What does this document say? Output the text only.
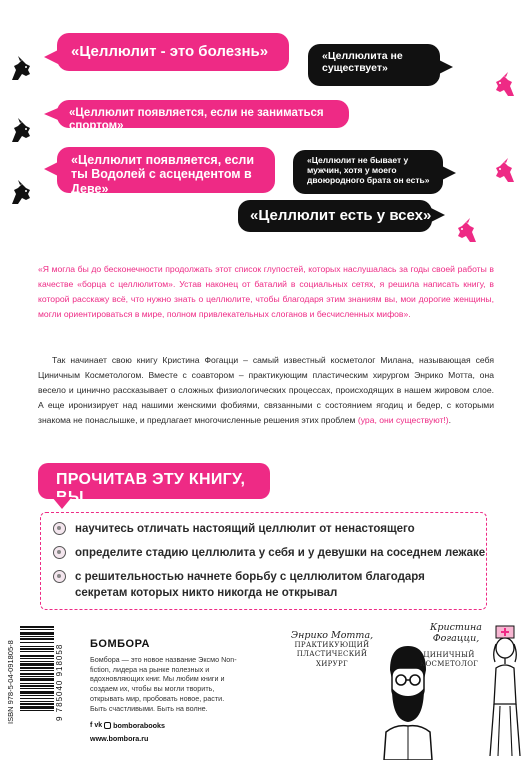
«Целлюлит - это болезнь»	«Целлюлита не существует»
«Целлюлит появляется, если не заниматься спортом»
«Целлюлит появляется, если ты Водолей с асцендентом в Деве»
«Целлюлит не бывает у мужчин, хотя у моего двоюродного брата он есть»
«Целлюлит есть у всех»

«Я могла бы до бесконечности продолжать этот список глупостей, которых наслушалась за годы своей работы в качестве «борца с целлюлитом». Устав наконец от баталий в социальных сетях, я решила написать книгу, в которой расскажу всё, что нужно знать о целлюлите, чтобы благодаря этим знаниям вы, мои дорогие женщины, могли ориентироваться в мире, полном привлекательных слоганов и бесчисленных мифов».

Так начинает свою книгу Кристина Фогацци – самый известный косметолог Милана, называющая себя Циничным Косметологом. Вместе с соавтором – практикующим пластическим хирургом Энрико Мотта, она весело и цинично рассказывает о сложных физиологических процессах, происходящих в нашем жировом слое. А еще иронизирует над нашими женскими фобиями, связанными с состоянием ягодиц и бедер, с которыми знакома не понаслышке, и предлагает многочисленные решения этих проблем (ура, они существуют!).

ПРОЧИТАВ ЭТУ КНИГУ, ВЫ...
научитесь отличать настоящий целлюлит от ненастоящего
определите стадию целлюлита у себя и у девушки на соседнем лежаке
с решительностью начнете борьбу с целлюлитом благодаря секретам которых никто никогда не открывал
ISBN 978-5-04-091805-8	9 785040 918058 БОМБОРА

Бомбора — это новое название Эксмо Non-fiction, лидера на рынке полезных и вдохновляющих книг. Мы любим книги и создаем их, чтобы вы могли творить, открывать мир, пробовать новое, расти. Быть счастливыми. Быть на волне.

f vk bomborabooks
www.bombora.ru
Энрико Мотта,
ПРАКТИКУЮЩИЙ ПЛАСТИЧЕСКИЙ ХИРУРГ
Кристина Фогацци,
ЦИНИЧНЫЙ КОСМЕТОЛОГ
